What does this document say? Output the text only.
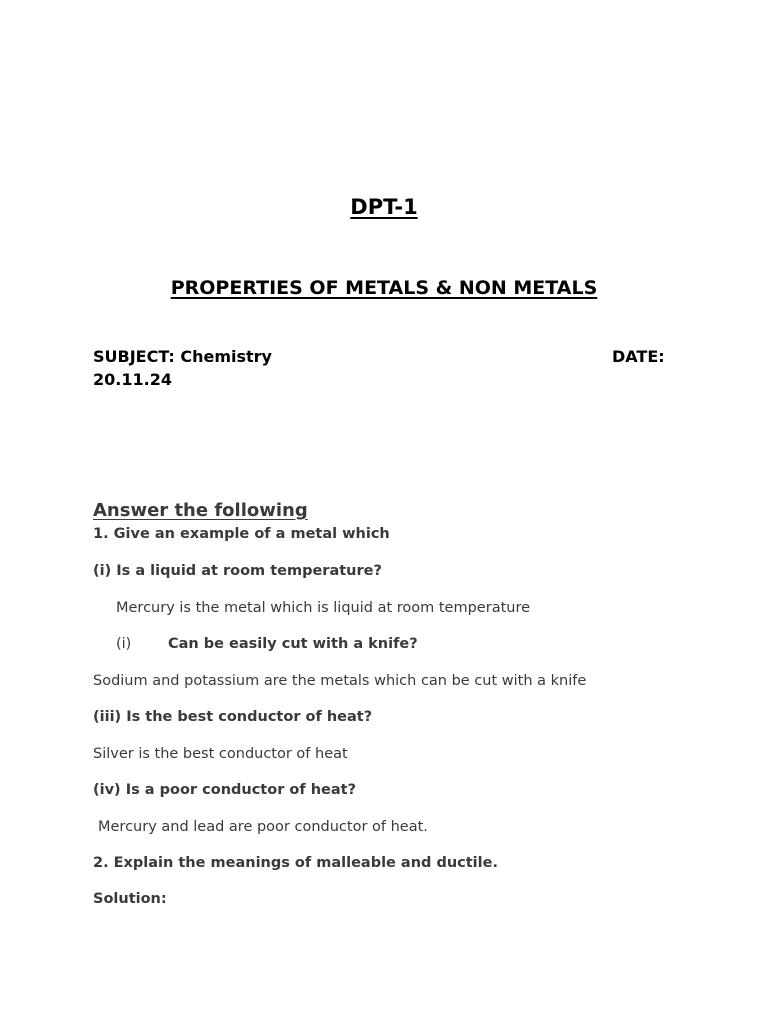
DPT-1
PROPERTIES OF METALS & NON METALS
SUBJECT: Chemistry	DATE:
20.11.24
Answer the following
1. Give an example of a metal which
(i) Is a liquid at room temperature?
Mercury is the metal which is liquid at room temperature
(i)	Can be easily cut with a knife?
Sodium and potassium are the metals which can be cut with a knife
(iii) Is the best conductor of heat?
Silver is the best conductor of heat
(iv) Is a poor conductor of heat?
Mercury and lead are poor conductor of heat.
2. Explain the meanings of malleable and ductile.
Solution:
